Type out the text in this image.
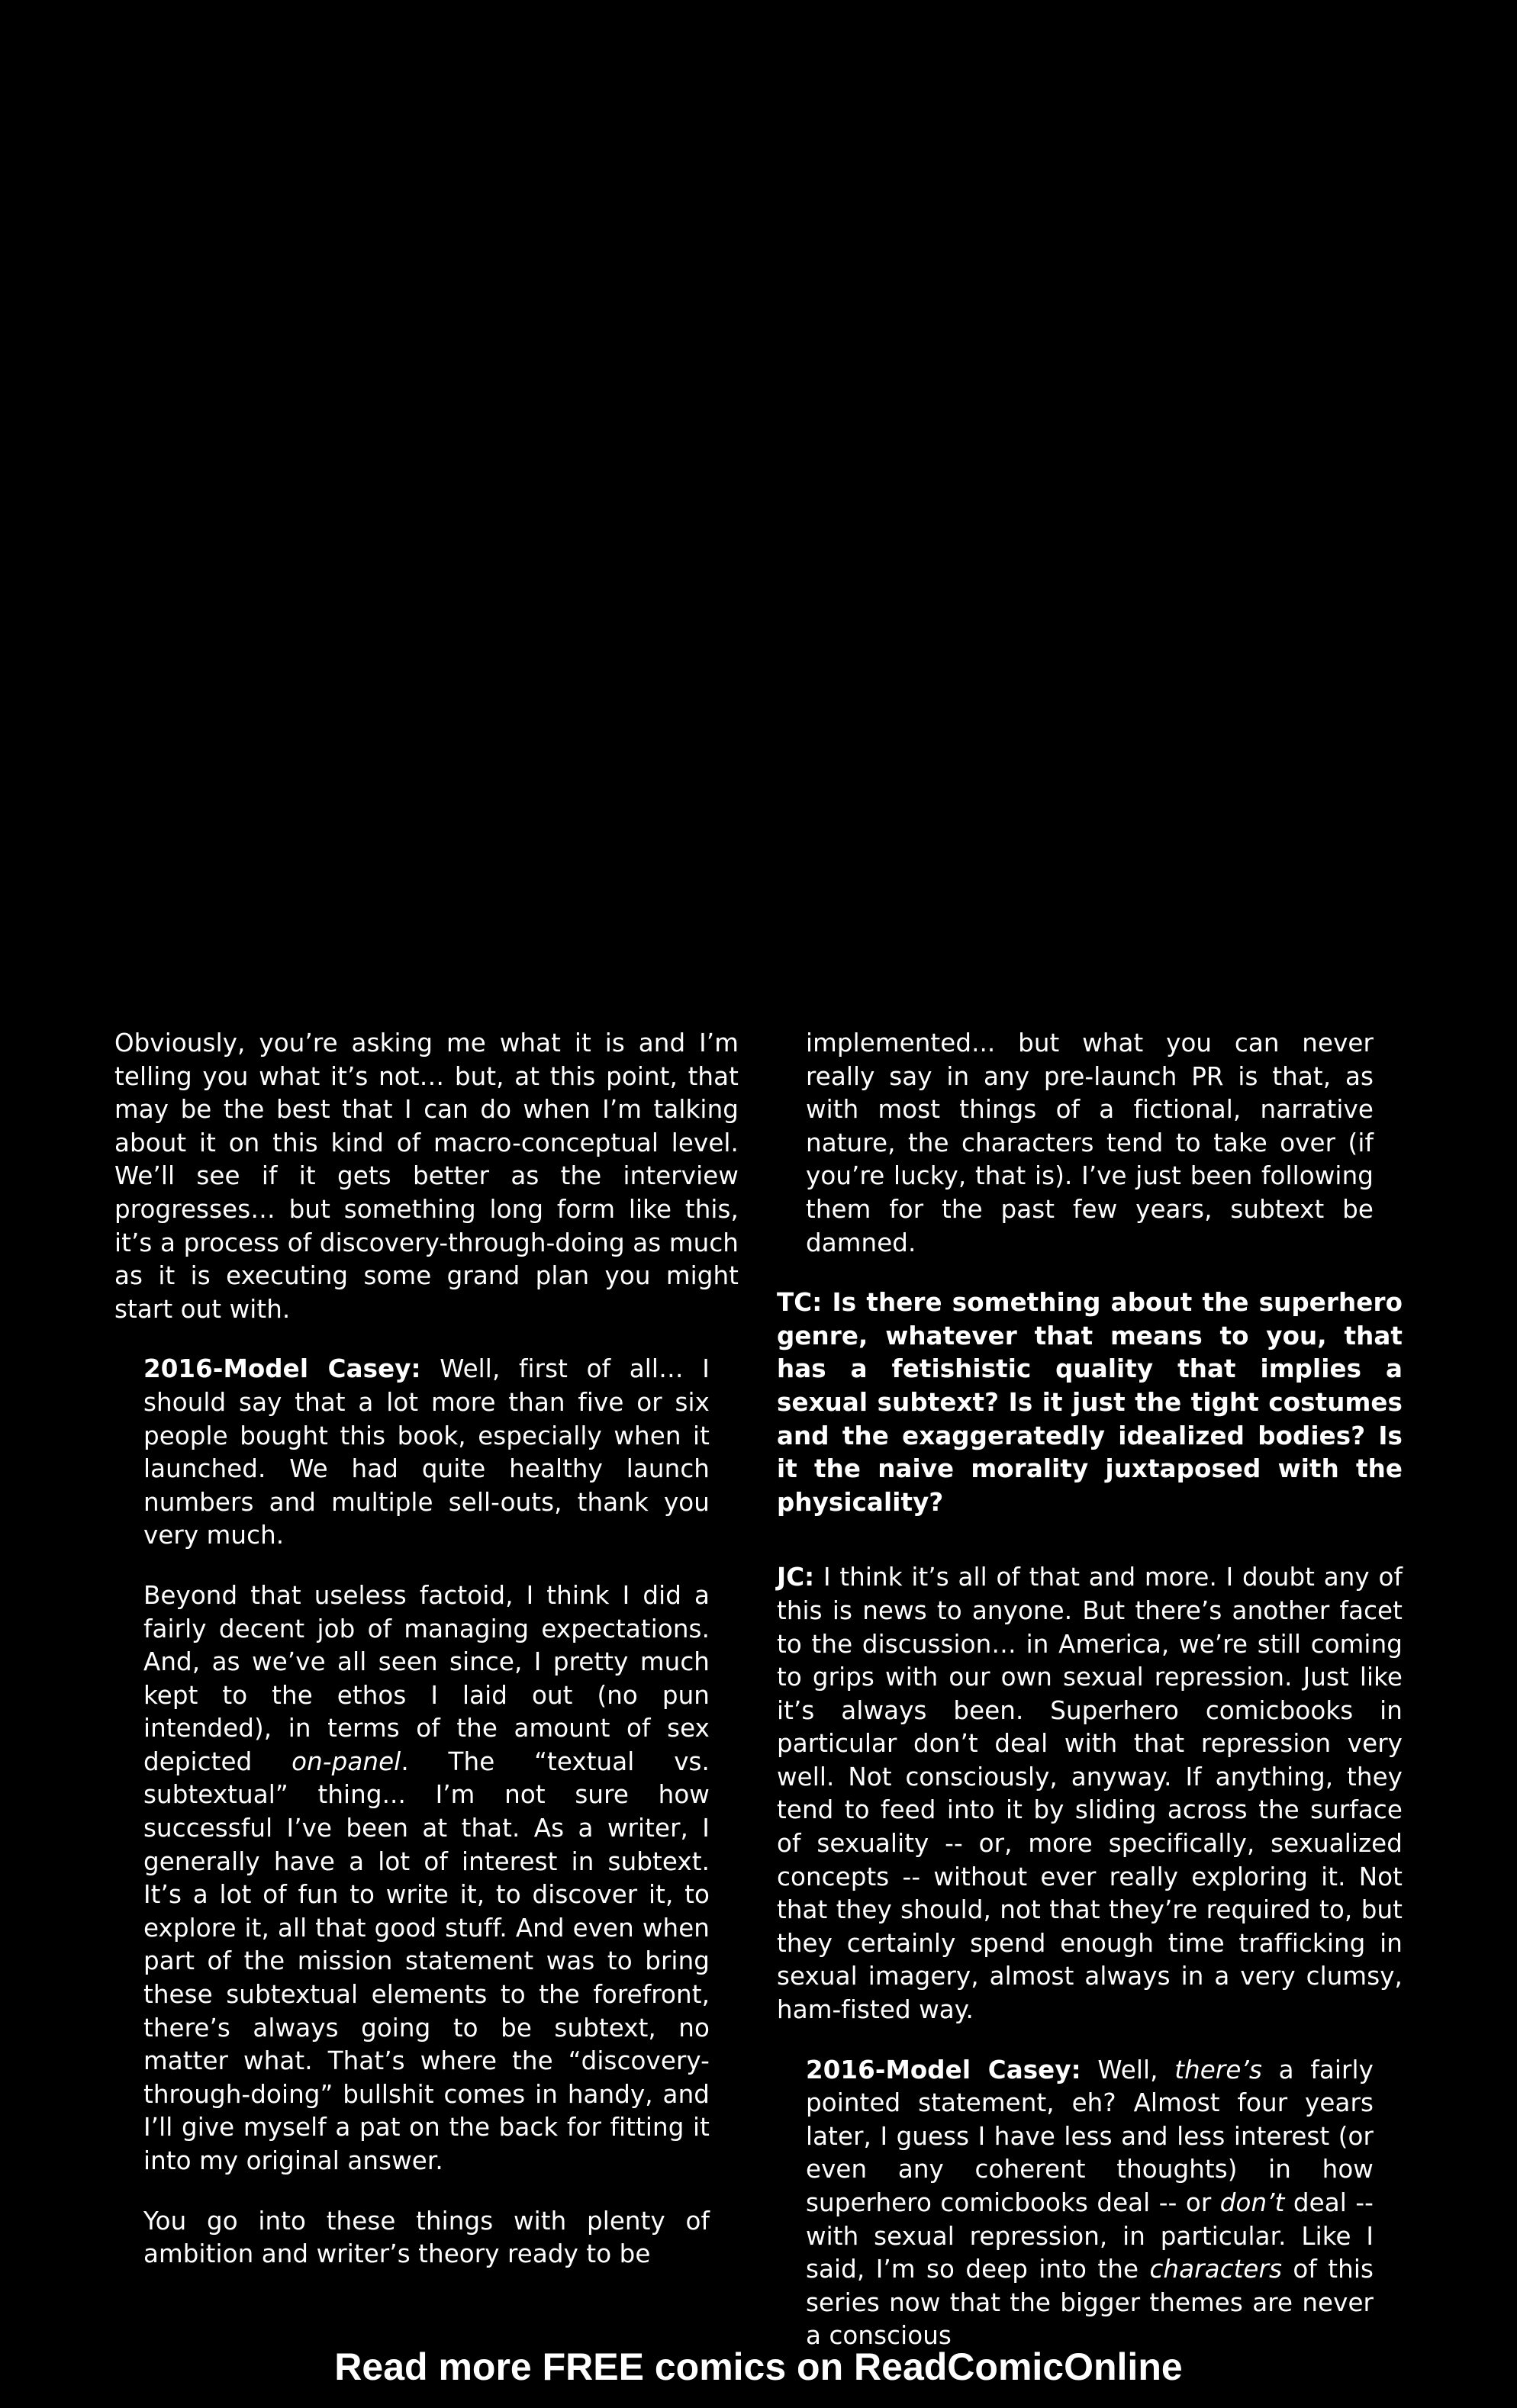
Obviously, you’re asking me what it is and I’m telling you what it’s not… but, at this point, that may be the best that I can do when I’m talking about it on this kind of macro-conceptual level. We’ll see if it gets better as the interview progresses… but something long form like this, it’s a process of discovery-through-doing as much as it is executing some grand plan you might start out with.

2016-Model Casey: Well, first of all… I should say that a lot more than five or six people bought this book, especially when it launched. We had quite healthy launch numbers and multiple sell-outs, thank you very much.

Beyond that useless factoid, I think I did a fairly decent job of managing expectations. And, as we’ve all seen since, I pretty much kept to the ethos I laid out (no pun intended), in terms of the amount of sex depicted on-panel. The “textual vs. subtextual” thing... I’m not sure how successful I’ve been at that. As a writer, I generally have a lot of interest in subtext. It’s a lot of fun to write it, to discover it, to explore it, all that good stuff. And even when part of the mission statement was to bring these subtextual elements to the forefront, there’s always going to be subtext, no matter what. That’s where the “discovery-through-doing” bullshit comes in handy, and I’ll give myself a pat on the back for fitting it into my original answer.

You go into these things with plenty of ambition and writer’s theory ready to be

implemented... but what you can never really say in any pre-launch PR is that, as with most things of a fictional, narrative nature, the characters tend to take over (if you’re lucky, that is). I’ve just been following them for the past few years, subtext be damned.

TC: Is there something about the superhero genre, whatever that means to you, that has a fetishistic quality that implies a sexual subtext? Is it just the tight costumes and the exaggeratedly idealized bodies? Is it the naive morality juxtaposed with the physicality?

JC: I think it’s all of that and more. I doubt any of this is news to anyone. But there’s another facet to the discussion… in America, we’re still coming to grips with our own sexual repression. Just like it’s always been. Superhero comicbooks in particular don’t deal with that repression very well. Not consciously, anyway. If anything, they tend to feed into it by sliding across the surface of sexuality -- or, more specifically, sexualized concepts -- without ever really exploring it. Not that they should, not that they’re required to, but they certainly spend enough time trafficking in sexual imagery, almost always in a very clumsy, ham-fisted way.

2016-Model Casey: Well, there’s a fairly pointed statement, eh? Almost four years later, I guess I have less and less interest (or even any coherent thoughts) in how superhero comicbooks deal -- or don’t deal -- with sexual repression, in particular. Like I said, I’m so deep into the characters of this series now that the bigger themes are never a conscious

Read more FREE comics on ReadComicOnline
